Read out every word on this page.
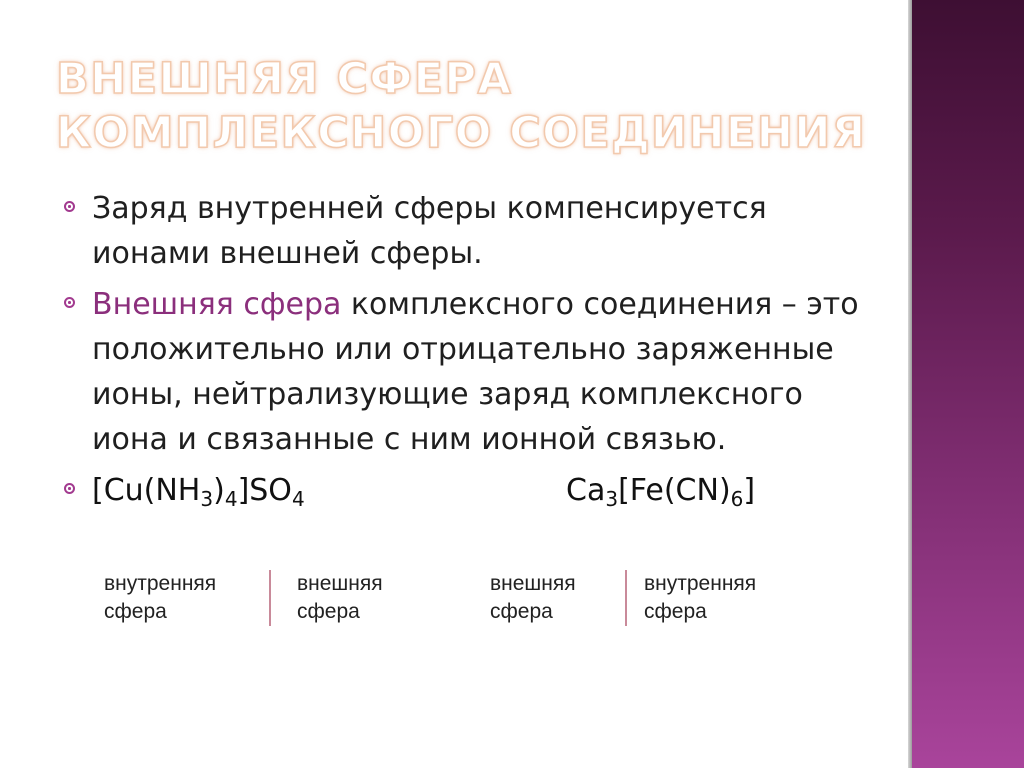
ВНЕШНЯЯ СФЕРА КОМПЛЕКСНОГО СОЕДИНЕНИЯ
Заряд внутренней сферы компенсируется ионами внешней сферы.
Внешняя сфера комплексного соединения – это положительно или отрицательно заряженные ионы, нейтрализующие заряд комплексного иона и связанные с ним ионной связью.
$[Cu(NH_3)_4]SO_4$	$Ca_3[Fe(CN)_6]$
внутренняя
сфера
внешняя
сфера
внешняя
сфера
внутренняя
сфера
